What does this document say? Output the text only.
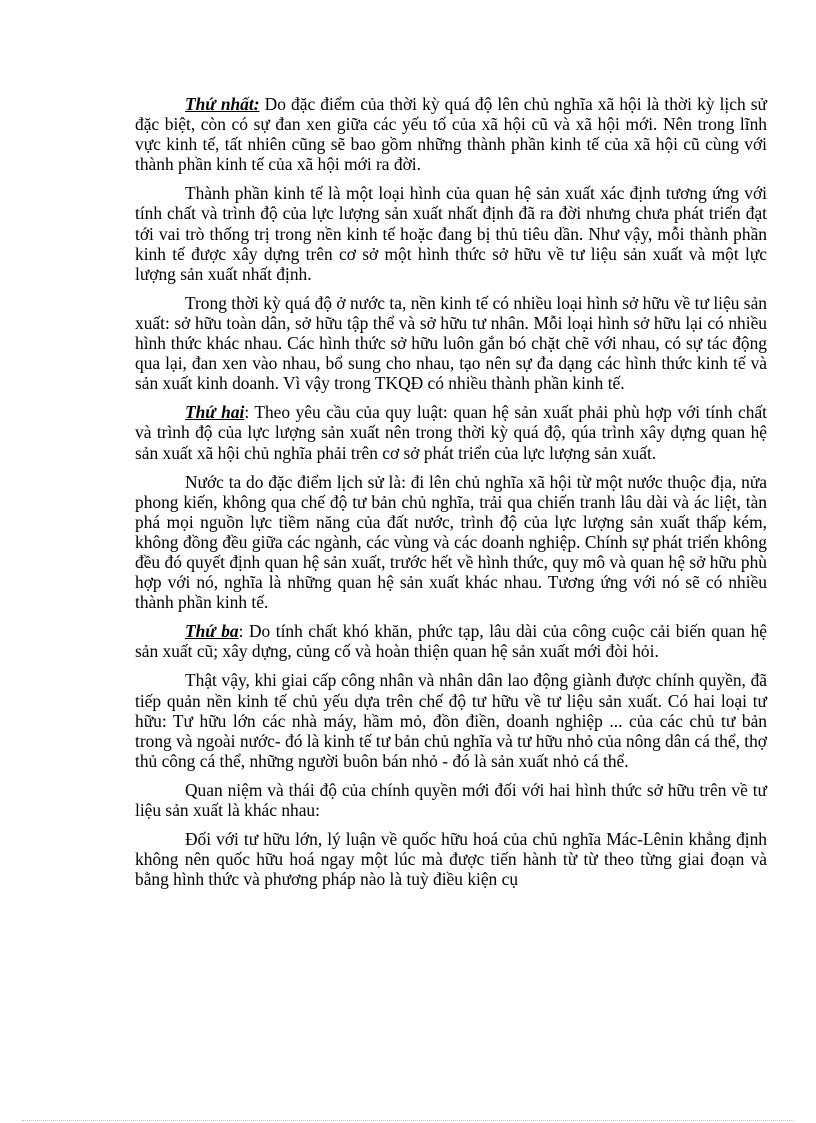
Thứ nhất: Do đặc điểm của thời kỳ quá độ lên chủ nghĩa xã hội là thời kỳ lịch sử đặc biệt, còn có sự đan xen giữa các yếu tố của xã hội cũ và xã hội mới. Nên trong lĩnh vực kinh tế, tất nhiên cũng sẽ bao gồm những thành phần kinh tế của xã hội cũ cùng với thành phần kinh tế của xã hội mới ra đời.

Thành phần kinh tế là một loại hình của quan hệ sản xuất xác định tương ứng với tính chất và trình độ của lực lượng sản xuất nhất định đã ra đời nhưng chưa phát triển đạt tới vai trò thống trị trong nền kinh tế hoặc đang bị thủ tiêu dần. Như vậy, mỗi thành phần kinh tế được xây dựng trên cơ sở một hình thức sở hữu về tư liệu sản xuất và một lực lượng sản xuất nhất định.

Trong thời kỳ quá độ ở nước ta, nền kinh tế có nhiều loại hình sở hữu về tư liệu sản xuất: sở hữu toàn dân, sở hữu tập thể và sở hữu tư nhân. Mỗi loại hình sở hữu lại có nhiều hình thức khác nhau. Các hình thức sở hữu luôn gắn bó chặt chẽ với nhau, có sự tác động qua lại, đan xen vào nhau, bổ sung cho nhau, tạo nên sự đa dạng các hình thức kinh tế và sản xuất kinh doanh. Vì vậy trong TKQĐ có nhiều thành phần kinh tế.

Thứ hai: Theo yêu cầu của quy luật: quan hệ sản xuất phải phù hợp với tính chất và trình độ của lực lượng sản xuất nên trong thời kỳ quá độ, qúa trình xây dựng quan hệ sản xuất xã hội chủ nghĩa phải trên cơ sở phát triển của lực lượng sản xuất.

Nước ta do đặc điểm lịch sử là: đi lên chủ nghĩa xã hội từ một nước thuộc địa, nửa phong kiến, không qua chế độ tư bản chủ nghĩa, trải qua chiến tranh lâu dài và ác liệt, tàn phá mọi nguồn lực tiềm năng của đất nước, trình độ của lực lượng sản xuất thấp kém, không đồng đều giữa các ngành, các vùng và các doanh nghiệp. Chính sự phát triển không đều đó quyết định quan hệ sản xuất, trước hết về hình thức, quy mô và quan hệ sở hữu phù hợp với nó, nghĩa là những quan hệ sản xuất khác nhau. Tương ứng với nó sẽ có nhiều thành phần kinh tế.

Thứ ba: Do tính chất khó khăn, phức tạp, lâu dài của công cuộc cải biến quan hệ sản xuất cũ; xây dựng, củng cố và hoàn thiện quan hệ sản xuất mới đòi hỏi.

Thật vậy, khi giai cấp công nhân và nhân dân lao động giành được chính quyền, đã tiếp quản nền kinh tế chủ yếu dựa trên chế độ tư hữu về tư liệu sản xuất. Có hai loại tư hữu: Tư hữu lớn các nhà máy, hầm mỏ, đồn điền, doanh nghiệp ... của các chủ tư bản trong và ngoài nước- đó là kinh tế tư bản chủ nghĩa và tư hữu nhỏ của nông dân cá thể, thợ thủ công cá thể, những người buôn bán nhỏ - đó là sản xuất nhỏ cá thể.

Quan niệm và thái độ của chính quyền mới đối với hai hình thức sở hữu trên về tư liệu sản xuất là khác nhau:

Đối với tư hữu lớn, lý luận về quốc hữu hoá của chủ nghĩa Mác-Lênin khẳng định không nên quốc hữu hoá ngay một lúc mà được tiến hành từ từ theo từng giai đoạn và bằng hình thức và phương pháp nào là tuỳ điều kiện cụ
